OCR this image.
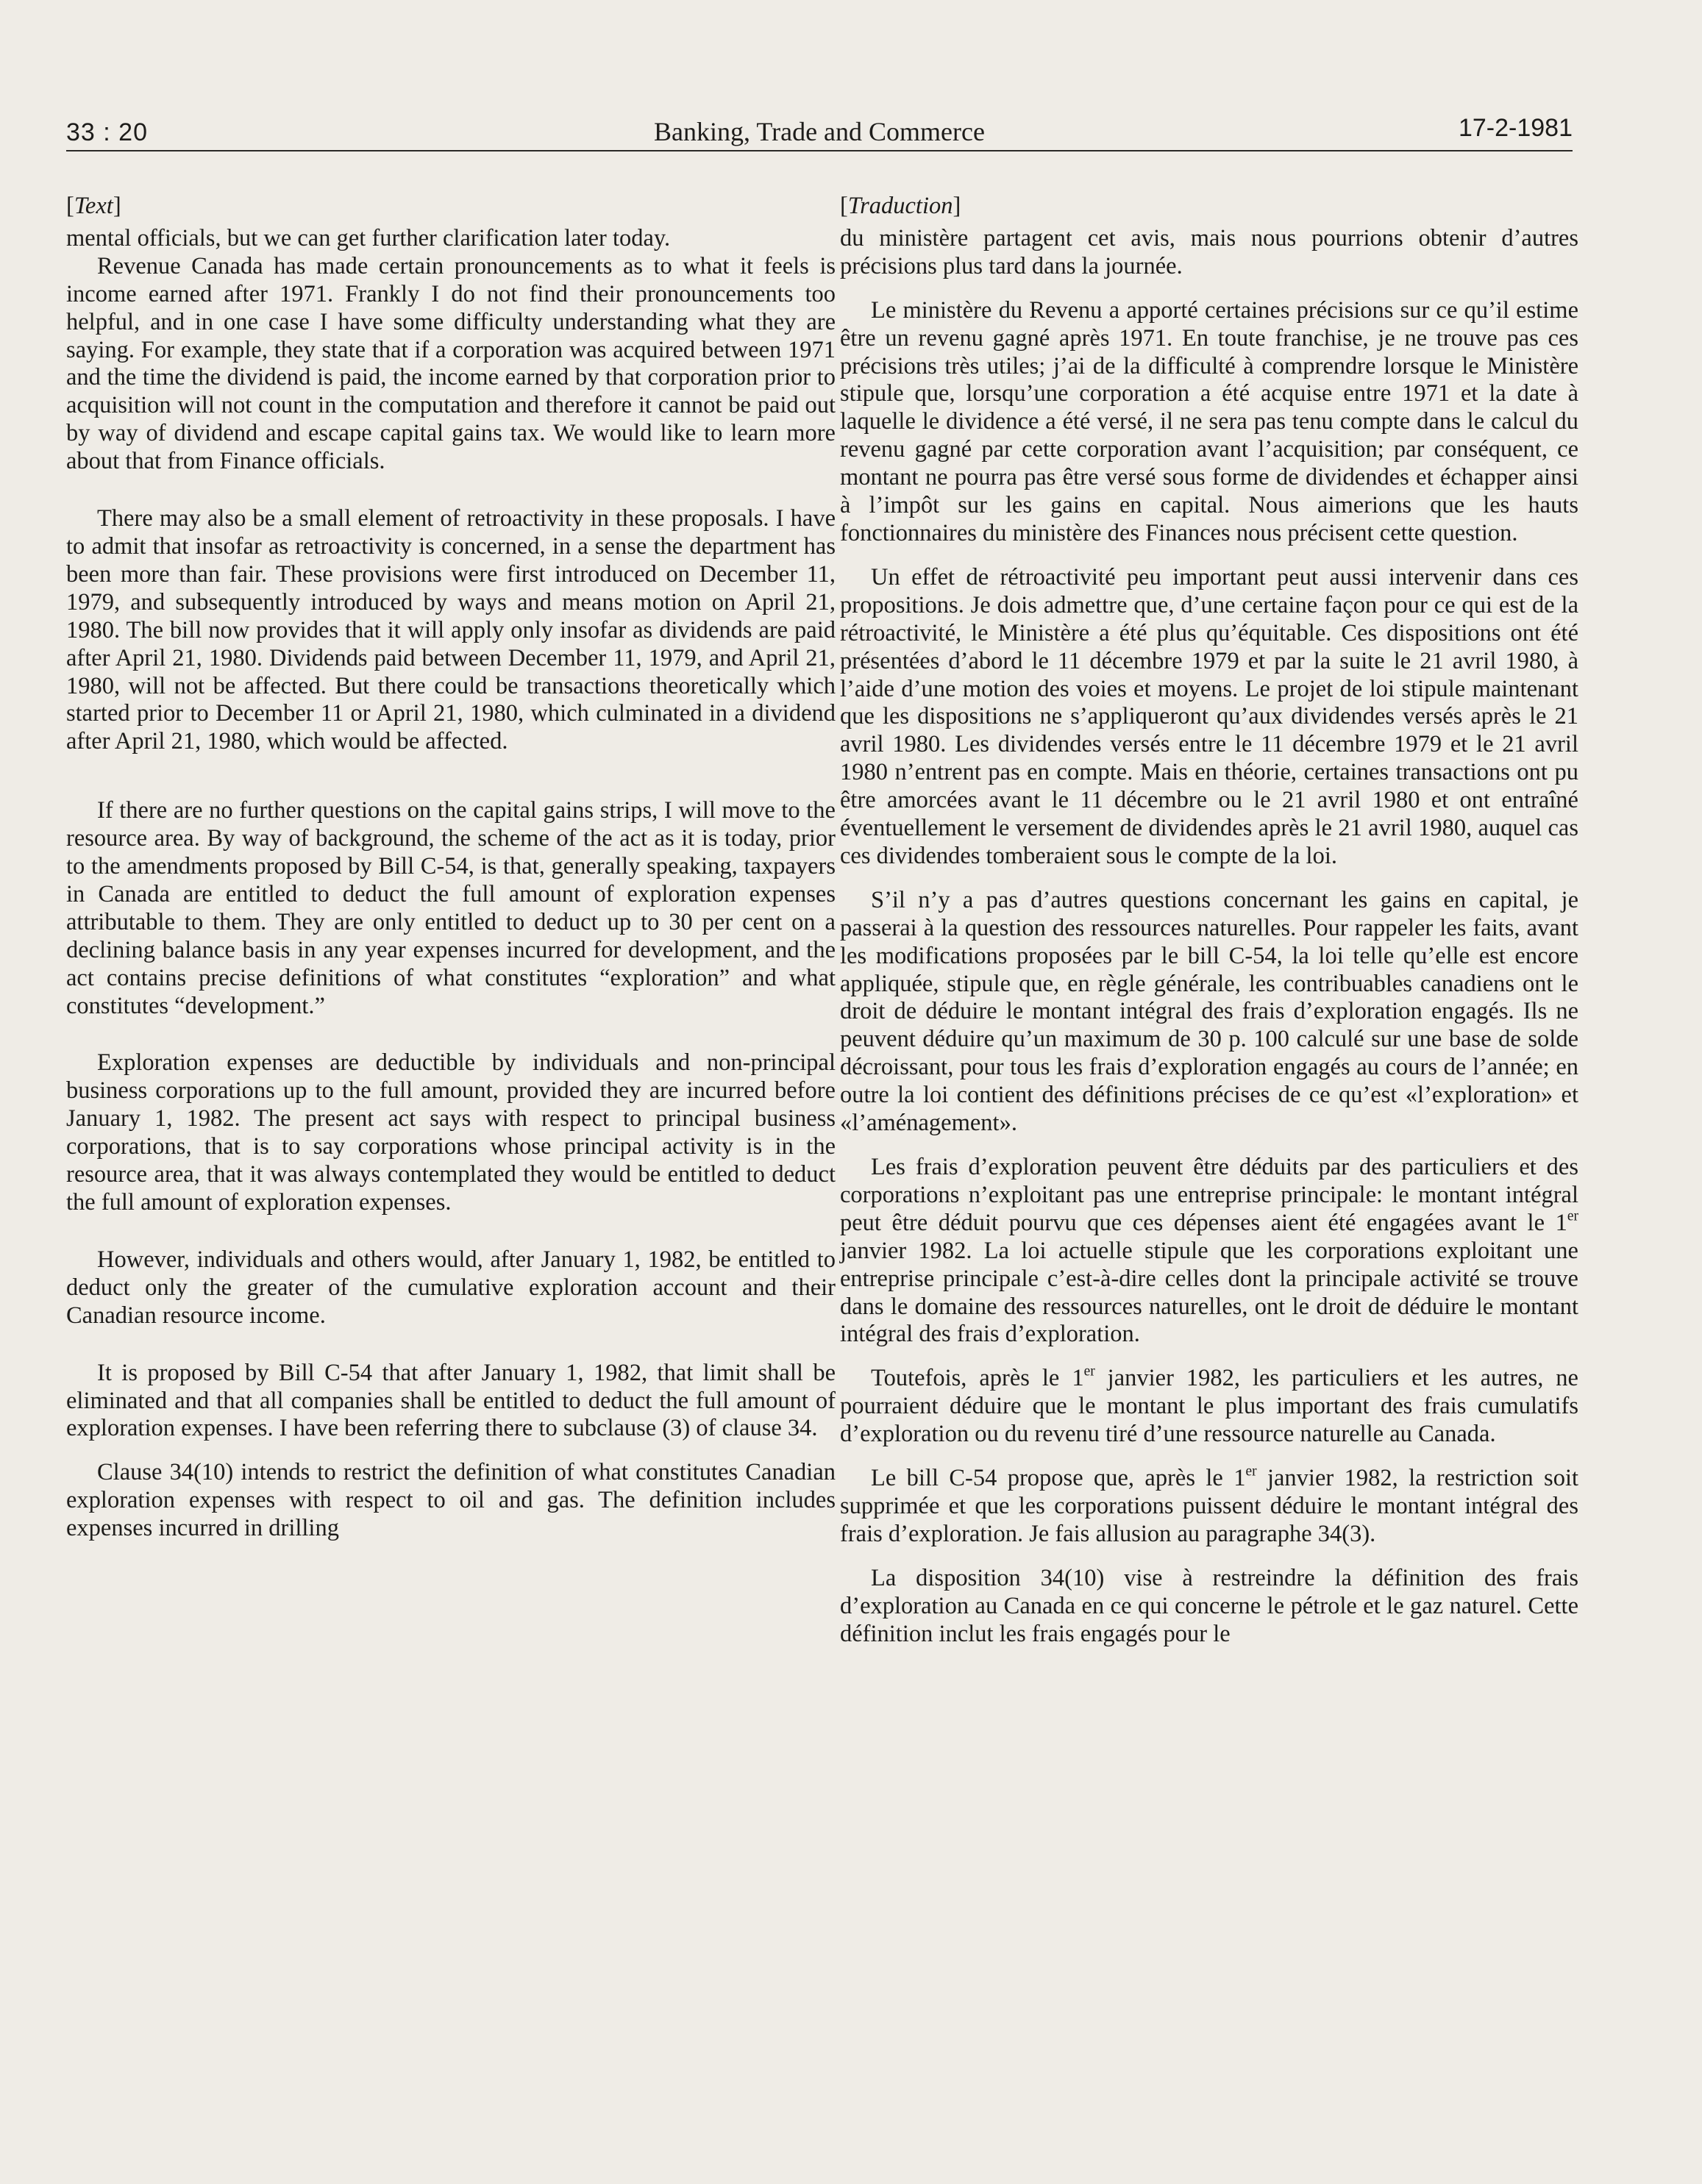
33 : 20	Banking, Trade and Commerce	17-2-1981
[Text]

mental officials, but we can get further clarification later today.

Revenue Canada has made certain pronouncements as to what it feels is income earned after 1971. Frankly I do not find their pronouncements too helpful, and in one case I have some difficulty understanding what they are saying. For example, they state that if a corporation was acquired between 1971 and the time the dividend is paid, the income earned by that corporation prior to acquisition will not count in the computation and therefore it cannot be paid out by way of dividend and escape capital gains tax. We would like to learn more about that from Finance officials.

There may also be a small element of retroactivity in these proposals. I have to admit that insofar as retroactivity is concerned, in a sense the department has been more than fair. These provisions were first introduced on December 11, 1979, and subsequently introduced by ways and means motion on April 21, 1980. The bill now provides that it will apply only insofar as dividends are paid after April 21, 1980. Dividends paid between December 11, 1979, and April 21, 1980, will not be affected. But there could be transactions theoretically which started prior to December 11 or April 21, 1980, which culminated in a dividend after April 21, 1980, which would be affected.

If there are no further questions on the capital gains strips, I will move to the resource area. By way of background, the scheme of the act as it is today, prior to the amendments proposed by Bill C-54, is that, generally speaking, taxpayers in Canada are entitled to deduct the full amount of exploration expenses attributable to them. They are only entitled to deduct up to 30 per cent on a declining balance basis in any year expenses incurred for development, and the act contains precise definitions of what constitutes “exploration” and what constitutes “development.”

Exploration expenses are deductible by individuals and non-principal business corporations up to the full amount, provided they are incurred before January 1, 1982. The present act says with respect to principal business corporations, that is to say corporations whose principal activity is in the resource area, that it was always contemplated they would be entitled to deduct the full amount of exploration expenses.

However, individuals and others would, after January 1, 1982, be entitled to deduct only the greater of the cumulative exploration account and their Canadian resource income.

It is proposed by Bill C-54 that after January 1, 1982, that limit shall be eliminated and that all companies shall be entitled to deduct the full amount of exploration expenses. I have been referring there to subclause (3) of clause 34.

Clause 34(10) intends to restrict the definition of what constitutes Canadian exploration expenses with respect to oil and gas. The definition includes expenses incurred in drilling

[Traduction]

du ministère partagent cet avis, mais nous pourrions obtenir d’autres précisions plus tard dans la journée.

Le ministère du Revenu a apporté certaines précisions sur ce qu’il estime être un revenu gagné après 1971. En toute franchise, je ne trouve pas ces précisions très utiles; j’ai de la difficulté à comprendre lorsque le Ministère stipule que, lorsqu’une corporation a été acquise entre 1971 et la date à laquelle le dividence a été versé, il ne sera pas tenu compte dans le calcul du revenu gagné par cette corporation avant l’acquisition; par conséquent, ce montant ne pourra pas être versé sous forme de dividendes et échapper ainsi à l’impôt sur les gains en capital. Nous aimerions que les hauts fonctionnaires du ministère des Finances nous précisent cette question.

Un effet de rétroactivité peu important peut aussi intervenir dans ces propositions. Je dois admettre que, d’une certaine façon pour ce qui est de la rétroactivité, le Ministère a été plus qu’équitable. Ces dispositions ont été présentées d’abord le 11 décembre 1979 et par la suite le 21 avril 1980, à l’aide d’une motion des voies et moyens. Le projet de loi stipule maintenant que les dispositions ne s’appliqueront qu’aux dividendes versés après le 21 avril 1980. Les dividendes versés entre le 11 décembre 1979 et le 21 avril 1980 n’entrent pas en compte. Mais en théorie, certaines transactions ont pu être amorcées avant le 11 décembre ou le 21 avril 1980 et ont entraîné éventuellement le versement de dividendes après le 21 avril 1980, auquel cas ces dividendes tomberaient sous le compte de la loi.

S’il n’y a pas d’autres questions concernant les gains en capital, je passerai à la question des ressources naturelles. Pour rappeler les faits, avant les modifications proposées par le bill C-54, la loi telle qu’elle est encore appliquée, stipule que, en règle générale, les contribuables canadiens ont le droit de déduire le montant intégral des frais d’exploration engagés. Ils ne peuvent déduire qu’un maximum de 30 p. 100 calculé sur une base de solde décroissant, pour tous les frais d’exploration engagés au cours de l’année; en outre la loi contient des définitions précises de ce qu’est «l’exploration» et «l’aménagement».

Les frais d’exploration peuvent être déduits par des particuliers et des corporations n’exploitant pas une entreprise principale: le montant intégral peut être déduit pourvu que ces dépenses aient été engagées avant le 1er janvier 1982. La loi actuelle stipule que les corporations exploitant une entreprise principale c’est-à-dire celles dont la principale activité se trouve dans le domaine des ressources naturelles, ont le droit de déduire le montant intégral des frais d’exploration.

Toutefois, après le 1er janvier 1982, les particuliers et les autres, ne pourraient déduire que le montant le plus important des frais cumulatifs d’exploration ou du revenu tiré d’une ressource naturelle au Canada.

Le bill C-54 propose que, après le 1er janvier 1982, la restriction soit supprimée et que les corporations puissent déduire le montant intégral des frais d’exploration. Je fais allusion au paragraphe 34(3).

La disposition 34(10) vise à restreindre la définition des frais d’exploration au Canada en ce qui concerne le pétrole et le gaz naturel. Cette définition inclut les frais engagés pour le
